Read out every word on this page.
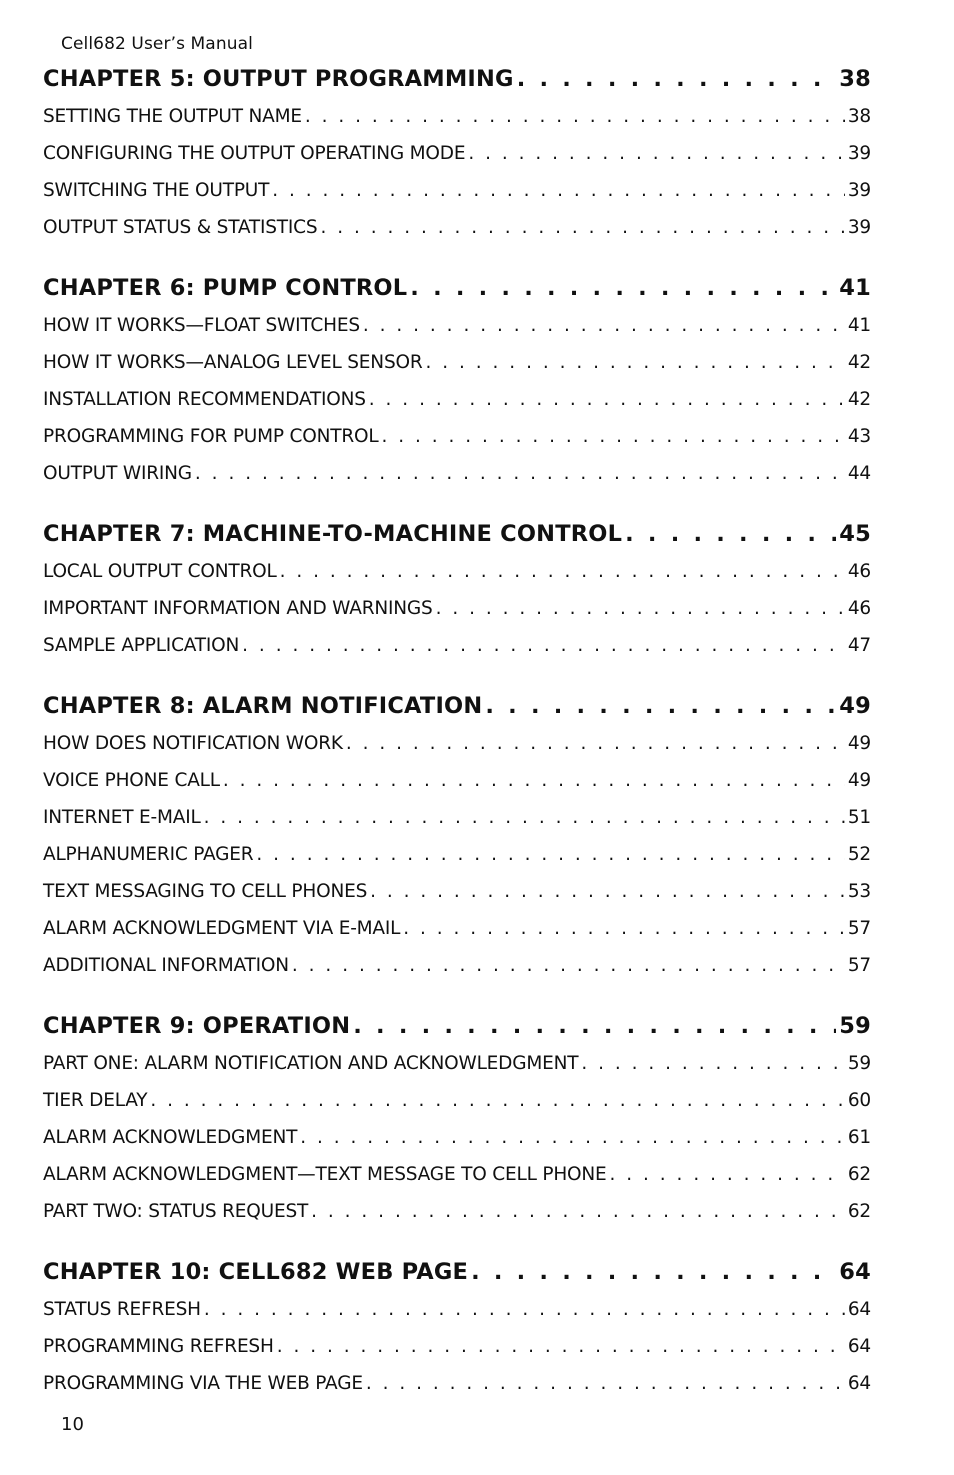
Cell682 User’s Manual
CHAPTER 5: OUTPUT PROGRAMMING . . .	38
SETTING THE OUTPUT NAME . . .	38
CONFIGURING THE OUTPUT OPERATING MODE . . .	39
SWITCHING THE OUTPUT . . .	39
OUTPUT STATUS & STATISTICS . . .	39
CHAPTER 6: PUMP CONTROL . . .	41
HOW IT WORKS—FLOAT SWITCHES . . .	41
HOW IT WORKS—ANALOG LEVEL SENSOR . . .	42
INSTALLATION RECOMMENDATIONS . . .	42
PROGRAMMING FOR PUMP CONTROL . . .	43
OUTPUT WIRING . . .	44
CHAPTER 7: MACHINE-TO-MACHINE CONTROL . . .	45
LOCAL OUTPUT CONTROL . . .	46
IMPORTANT INFORMATION AND WARNINGS . . .	46
SAMPLE APPLICATION . . .	47
CHAPTER 8: ALARM NOTIFICATION . . .	49
HOW DOES NOTIFICATION WORK . . .	49
VOICE PHONE CALL . . .	49
INTERNET E-MAIL . . .	51
ALPHANUMERIC PAGER . . .	52
TEXT MESSAGING TO CELL PHONES . . .	53
ALARM ACKNOWLEDGMENT VIA E-MAIL . . .	57
ADDITIONAL INFORMATION . . .	57
CHAPTER 9: OPERATION . . .	59
PART ONE: ALARM NOTIFICATION AND ACKNOWLEDGMENT . . .	59
TIER DELAY . . .	60
ALARM ACKNOWLEDGMENT . . .	61
ALARM ACKNOWLEDGMENT—TEXT MESSAGE TO CELL PHONE . . .	62
PART TWO: STATUS REQUEST . . .	62
CHAPTER 10: CELL682 WEB PAGE . . .	64
STATUS REFRESH . . .	64
PROGRAMMING REFRESH . . .	64
PROGRAMMING VIA THE WEB PAGE . . .	64
10
